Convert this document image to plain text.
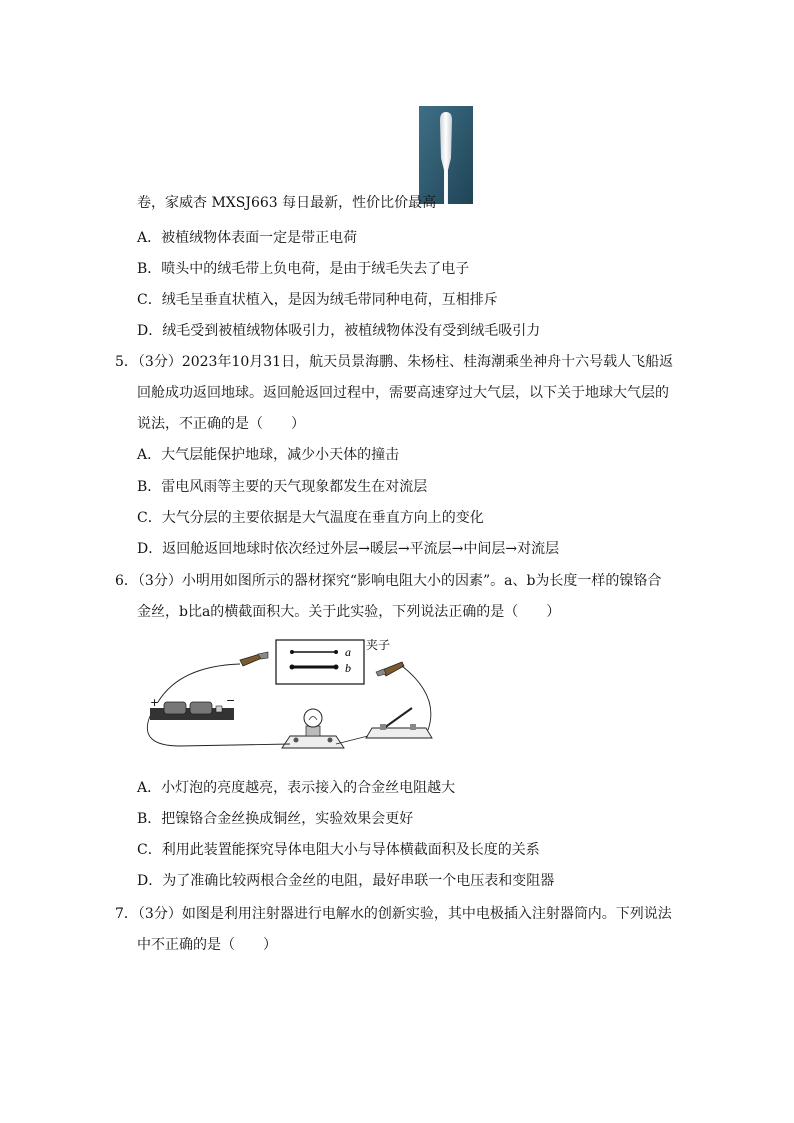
卷，家威杏 MXSJ663 每日最新，性价比价最高
A．被植绒物体表面一定是带正电荷
B．喷头中的绒毛带上负电荷，是由于绒毛失去了电子
C．绒毛呈垂直状植入，是因为绒毛带同种电荷，互相排斥
D．绒毛受到被植绒物体吸引力，被植绒物体没有受到绒毛吸引力
5．（3分）2023年10月31日，航天员景海鹏、朱杨柱、桂海潮乘坐神舟十六号载人飞船返
回舱成功返回地球。返回舱返回过程中，需要高速穿过大气层，以下关于地球大气层的
说法，不正确的是（　　）
A．大气层能保护地球，减少小天体的撞击
B．雷电风雨等主要的天气现象都发生在对流层
C．大气分层的主要依据是大气温度在垂直方向上的变化
D．返回舱返回地球时依次经过外层→暖层→平流层→中间层→对流层
6．（3分）小明用如图所示的器材探究“影响电阻大小的因素”。a、b为长度一样的镍铬合
金丝，b比a的横截面积大。关于此实验，下列说法正确的是（　　）
a
b
夹子
+	−
A．小灯泡的亮度越亮，表示接入的合金丝电阻越大
B．把镍铬合金丝换成铜丝，实验效果会更好
C．利用此装置能探究导体电阻大小与导体横截面积及长度的关系
D．为了准确比较两根合金丝的电阻，最好串联一个电压表和变阻器
7．（3分）如图是利用注射器进行电解水的创新实验，其中电极插入注射器筒内。下列说法
中不正确的是（　　）
